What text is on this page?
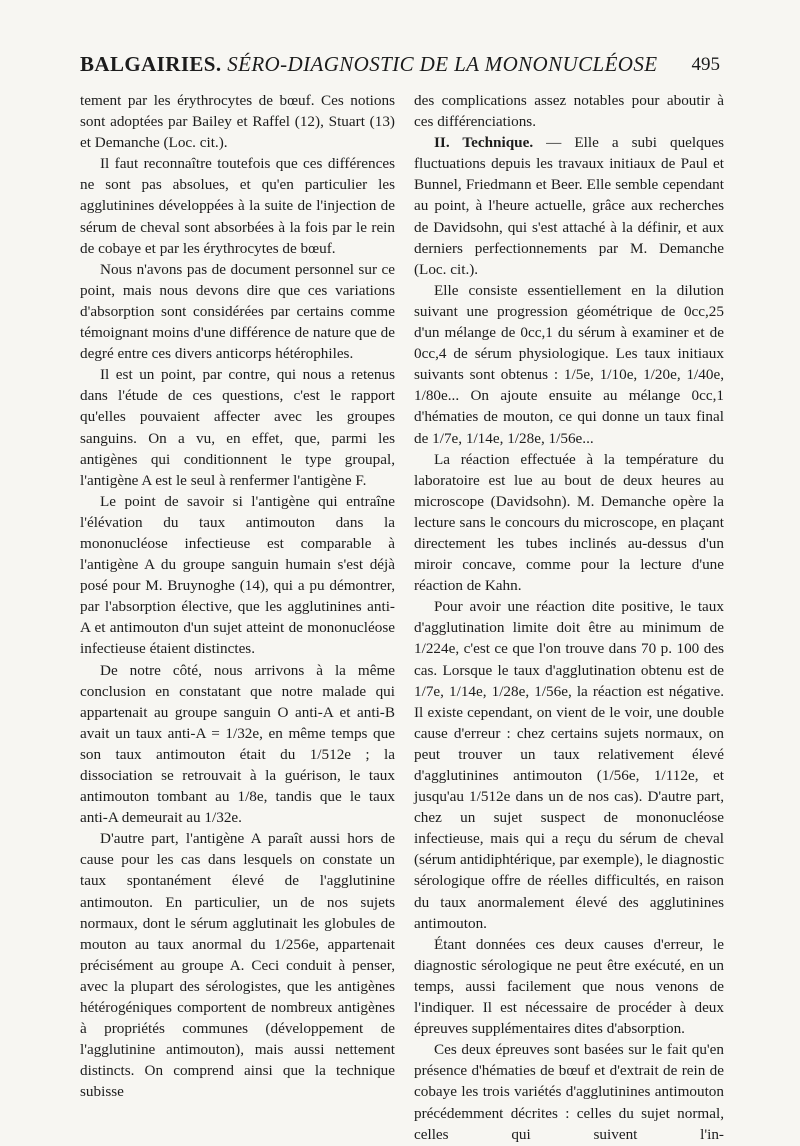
BALGAIRIES. SÉRO-DIAGNOSTIC DE LA MONONUCLÉOSE 495

tement par les érythrocytes de bœuf. Ces notions sont adoptées par Bailey et Raffel (12), Stuart (13) et Demanche (Loc. cit.).

Il faut reconnaître toutefois que ces différences ne sont pas absolues, et qu'en particulier les agglutinines développées à la suite de l'injection de sérum de cheval sont absorbées à la fois par le rein de cobaye et par les érythrocytes de bœuf.

Nous n'avons pas de document personnel sur ce point, mais nous devons dire que ces variations d'absorption sont considérées par certains comme témoignant moins d'une différence de nature que de degré entre ces divers anticorps hétérophiles.

Il est un point, par contre, qui nous a retenus dans l'étude de ces questions, c'est le rapport qu'elles pouvaient affecter avec les groupes sanguins. On a vu, en effet, que, parmi les antigènes qui conditionnent le type groupal, l'antigène A est le seul à renfermer l'antigène F.

Le point de savoir si l'antigène qui entraîne l'élévation du taux antimouton dans la mononucléose infectieuse est comparable à l'antigène A du groupe sanguin humain s'est déjà posé pour M. Bruynoghe (14), qui a pu démontrer, par l'absorption élective, que les agglutinines anti-A et antimouton d'un sujet atteint de mononucléose infectieuse étaient distinctes.

De notre côté, nous arrivons à la même conclusion en constatant que notre malade qui appartenait au groupe sanguin O anti-A et anti-B avait un taux anti-A = 1/32e, en même temps que son taux antimouton était du 1/512e ; la dissociation se retrouvait à la guérison, le taux antimouton tombant au 1/8e, tandis que le taux anti-A demeurait au 1/32e.

D'autre part, l'antigène A paraît aussi hors de cause pour les cas dans lesquels on constate un taux spontanément élevé de l'agglutinine antimouton. En particulier, un de nos sujets normaux, dont le sérum agglutinait les globules de mouton au taux anormal du 1/256e, appartenait précisément au groupe A. Ceci conduit à penser, avec la plupart des sérologistes, que les antigènes hétérogéniques comportent de nombreux antigènes à propriétés communes (développement de l'agglutinine antimouton), mais aussi nettement distincts. On comprend ainsi que la technique subisse

des complications assez notables pour aboutir à ces différenciations.

II. Technique. — Elle a subi quelques fluctuations depuis les travaux initiaux de Paul et Bunnel, Friedmann et Beer. Elle semble cependant au point, à l'heure actuelle, grâce aux recherches de Davidsohn, qui s'est attaché à la définir, et aux derniers perfectionnements par M. Demanche (Loc. cit.).

Elle consiste essentiellement en la dilution suivant une progression géométrique de 0cc,25 d'un mélange de 0cc,1 du sérum à examiner et de 0cc,4 de sérum physiologique. Les taux initiaux suivants sont obtenus : 1/5e, 1/10e, 1/20e, 1/40e, 1/80e... On ajoute ensuite au mélange 0cc,1 d'hématies de mouton, ce qui donne un taux final de 1/7e, 1/14e, 1/28e, 1/56e...

La réaction effectuée à la température du laboratoire est lue au bout de deux heures au microscope (Davidsohn). M. Demanche opère la lecture sans le concours du microscope, en plaçant directement les tubes inclinés au-dessus d'un miroir concave, comme pour la lecture d'une réaction de Kahn.

Pour avoir une réaction dite positive, le taux d'agglutination limite doit être au minimum de 1/224e, c'est ce que l'on trouve dans 70 p. 100 des cas. Lorsque le taux d'agglutination obtenu est de 1/7e, 1/14e, 1/28e, 1/56e, la réaction est négative. Il existe cependant, on vient de le voir, une double cause d'erreur : chez certains sujets normaux, on peut trouver un taux relativement élevé d'agglutinines antimouton (1/56e, 1/112e, et jusqu'au 1/512e dans un de nos cas). D'autre part, chez un sujet suspect de mononucléose infectieuse, mais qui a reçu du sérum de cheval (sérum antidiphtérique, par exemple), le diagnostic sérologique offre de réelles difficultés, en raison du taux anormalement élevé des agglutinines antimouton.

Étant données ces deux causes d'erreur, le diagnostic sérologique ne peut être exécuté, en un temps, aussi facilement que nous venons de l'indiquer. Il est nécessaire de procéder à deux épreuves supplémentaires dites d'absorption.

Ces deux épreuves sont basées sur le fait qu'en présence d'hématies de bœuf et d'extrait de rein de cobaye les trois variétés d'agglutinines antimouton précédemment décrites : celles du sujet normal, celles qui suivent l'in-
